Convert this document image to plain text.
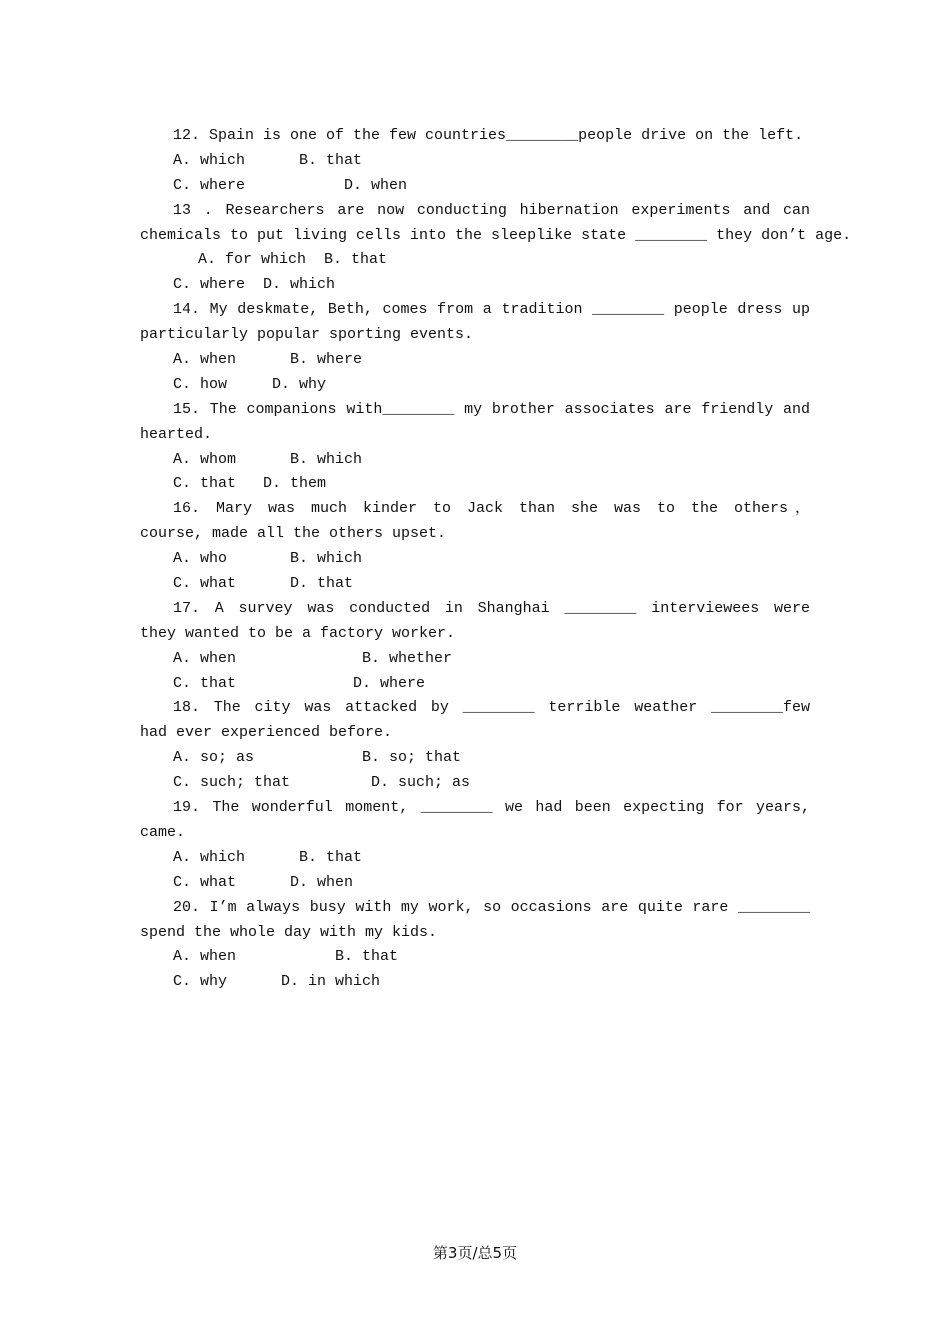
12. Spain is one of the few countries________people drive on the left.
A. which      B. that
C. where           D. when
13 . Researchers are now conducting hibernation experiments and can
chemicals to put living cells into the sleeplike state ________ they don’t age.
A. for which  B. that
C. where  D. which
14. My deskmate, Beth, comes from a tradition ________ people dress up
particularly popular sporting events.
A. when      B. where
C. how     D. why
15. The companions with________ my brother associates are friendly and
hearted.
A. whom      B. which
C. that   D. them
16. Mary was much kinder to Jack than she was to the others，
course, made all the others upset.
A. who       B. which
C. what      D. that
17. A survey was conducted in Shanghai ________ interviewees were
they wanted to be a factory worker.
A. when              B. whether
C. that             D. where
18. The city was attacked by ________ terrible weather ________few
had ever experienced before.
A. so; as            B. so; that
C. such; that         D. such; as
19. The wonderful moment, ________ we had been expecting for years,
came.
A. which      B. that
C. what      D. when
20. I’m always busy with my work, so occasions are quite rare ________
spend the whole day with my kids.
A. when           B. that
C. why      D. in which
第3页/总5页
